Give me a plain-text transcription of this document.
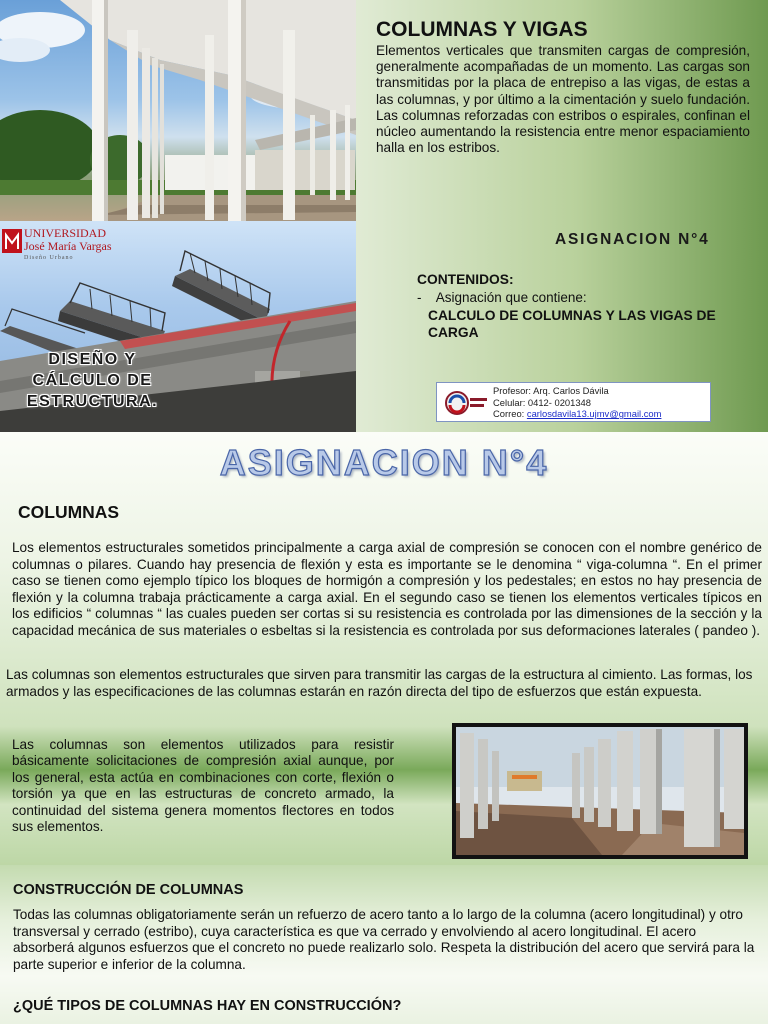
UNIVERSIDAD
José María Vargas
Diseño Urbano
DISEÑO Y
CÁLCULO DE
ESTRUCTURA.
COLUMNAS Y VIGAS

Elementos verticales que transmiten cargas de compresión, generalmente acompañadas de un momento. Las cargas son transmitidas por la placa de entrepiso a las vigas, de estas a las columnas, y por último a la cimentación y suelo fundación. Las columnas reforzadas con estribos o espirales, confinan el núcleo aumentando la resistencia entre menor espaciamiento halla en los estribos.

ASIGNACION N°4
CONTENIDOS:
-    Asignación que contiene:
CALCULO DE COLUMNAS Y LAS VIGAS DE CARGA
Profesor: Arq. Carlos Dávila
Celular: 0412- 0201348
Correo: carlosdavila13.ujmv@gmail.com
ASIGNACION N°4
COLUMNAS

Los elementos estructurales sometidos principalmente a carga axial de compresión se conocen con el nombre genérico de columnas o pilares. Cuando hay presencia de flexión y esta es importante se le denomina “ viga-columna “. En el primer caso se tienen como ejemplo típico los bloques de hormigón a compresión y los pedestales; en estos no hay presencia de flexión y la columna trabaja prácticamente a carga axial. En el segundo caso se tienen los elementos verticales típicos en los edificios “ columnas “ las cuales pueden ser cortas si su resistencia es controlada por las dimensiones de la sección y la capacidad mecánica de sus materiales o esbeltas si la resistencia es controlada por sus deformaciones laterales ( pandeo ).

Las columnas son elementos estructurales que sirven para transmitir las cargas de la estructura al cimiento. Las formas, los armados y las especificaciones de las columnas estarán en razón directa del tipo de esfuerzos que están expuesta.

Las columnas son elementos utilizados para resistir básicamente solicitaciones de compresión axial aunque, por los general, esta actúa en combinaciones con corte, flexión o torsión ya que en las estructuras de concreto armado, la continuidad del sistema genera momentos flectores en todos sus elementos.

CONSTRUCCIÓN DE COLUMNAS

Todas las columnas obligatoriamente serán un refuerzo de acero tanto a lo largo de la columna (acero longitudinal) y otro transversal y cerrado (estribo), cuya característica es que va cerrado y envolviendo al acero longitudinal. El acero absorberá algunos esfuerzos que el concreto no puede realizarlo solo. Respeta la distribución del acero que servirá para la parte superior e inferior de la columna.

¿QUÉ TIPOS DE COLUMNAS HAY EN CONSTRUCCIÓN?
